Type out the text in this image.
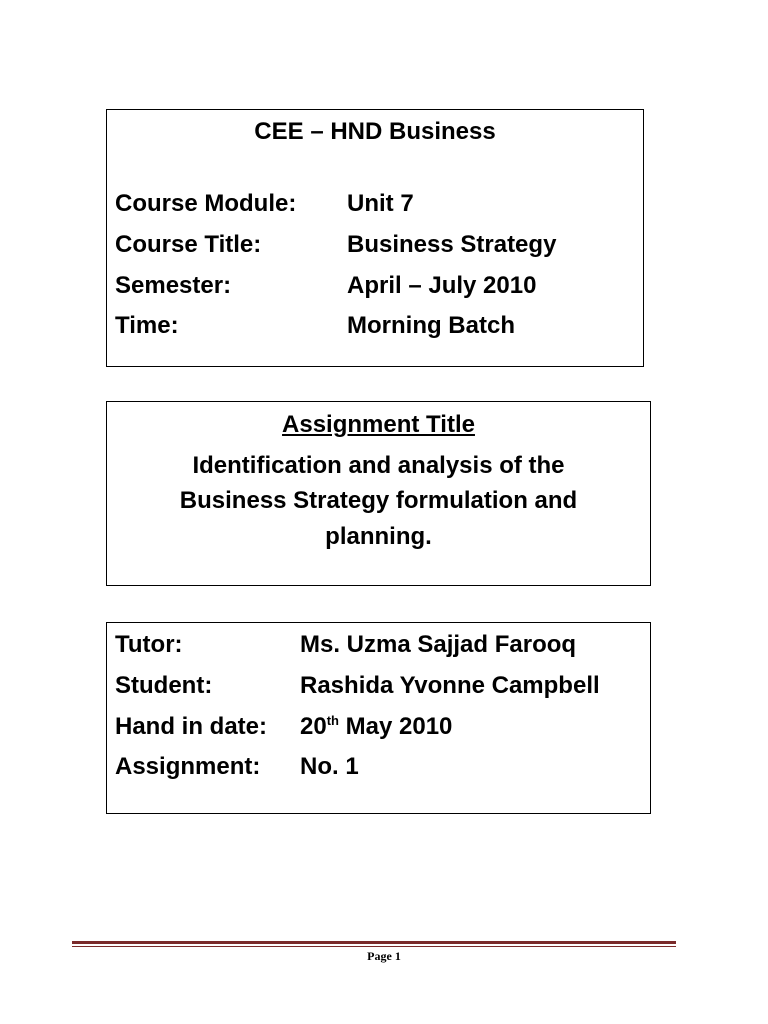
CEE – HND Business
Course Module: Unit 7
Course Title:	Business Strategy
Semester:	April – July 2010
Time:	Morning Batch
Assignment Title
Identification and analysis of the
Business Strategy formulation and
planning.
Tutor:	Ms. Uzma Sajjad Farooq
Student:	Rashida Yvonne Campbell
Hand in date: 20th May 2010
Assignment: No. 1
Page 1
